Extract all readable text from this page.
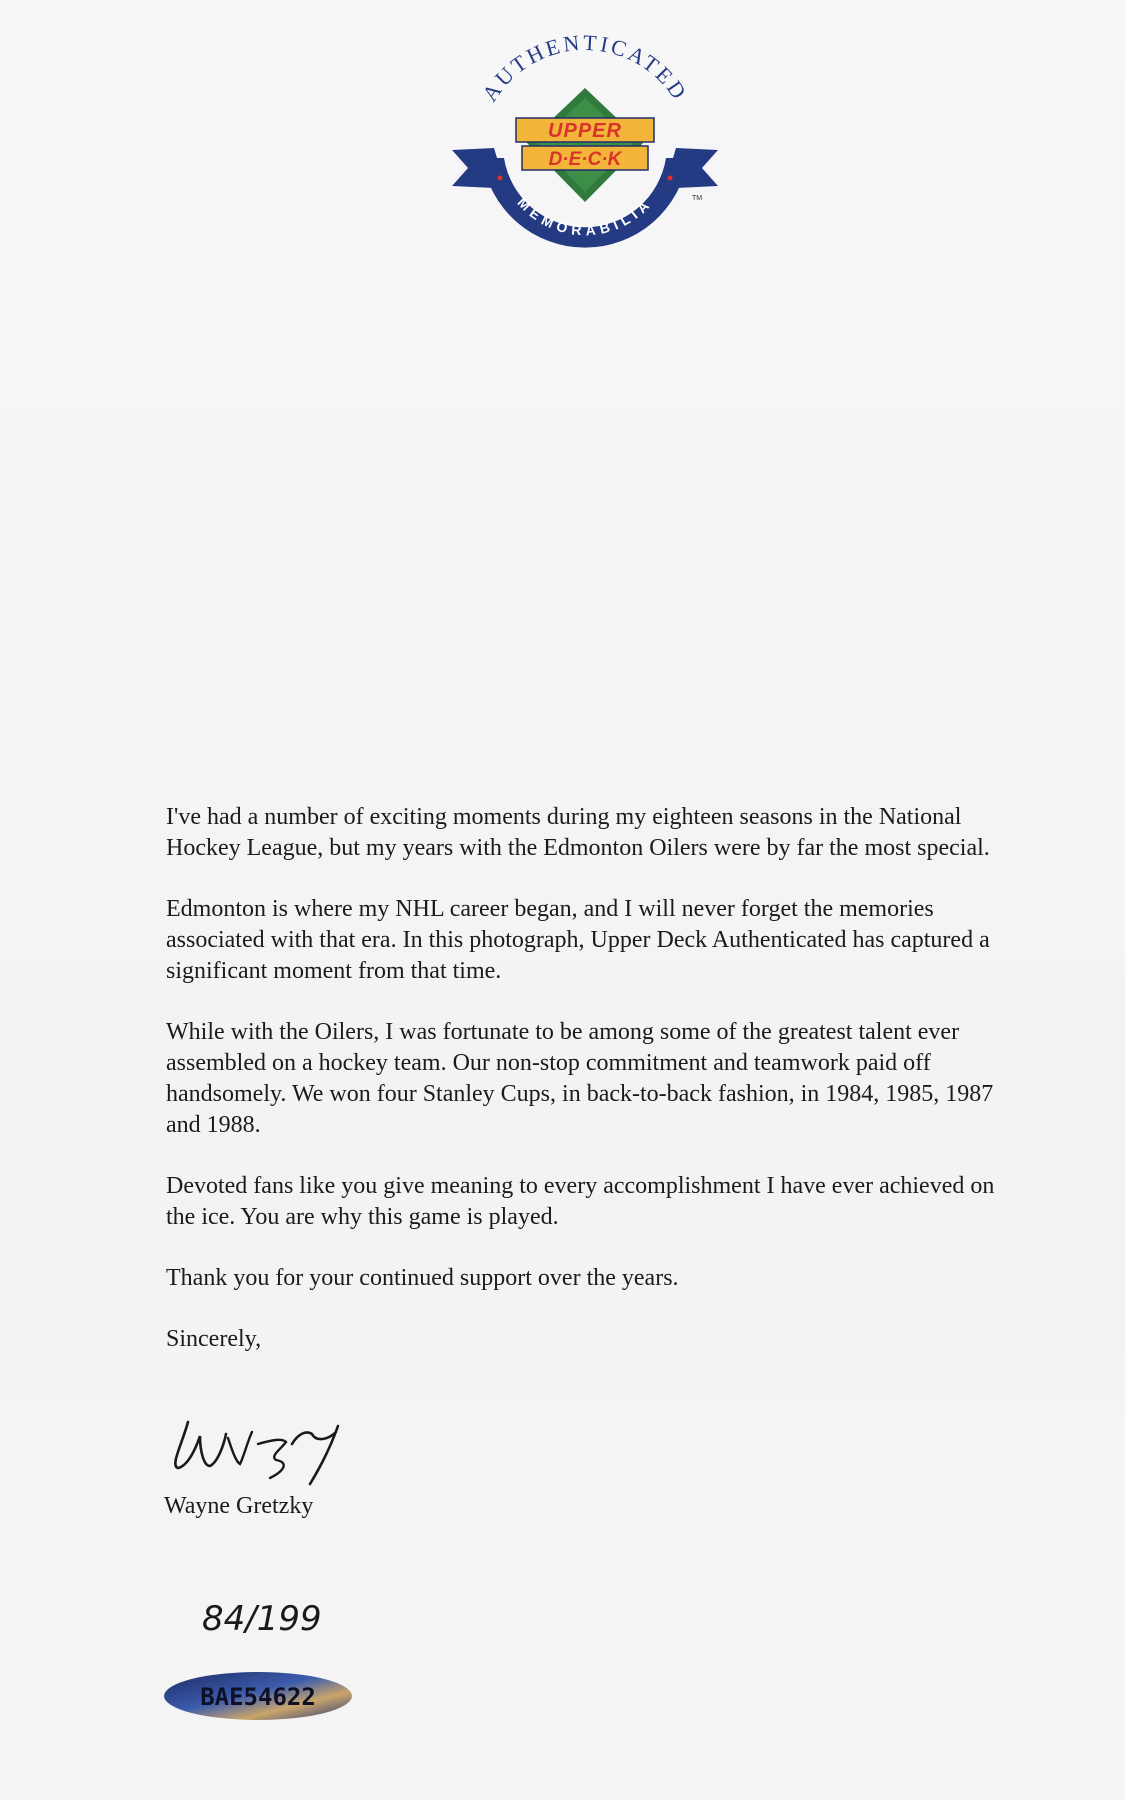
MEMORABILIA
AUTHENTICATED
UPPER
D·E·C·K
TM

I've had a number of exciting moments during my eighteen seasons in the National Hockey League, but my years with the Edmonton Oilers were by far the most special.

Edmonton is where my NHL career began, and I will never forget the memories associated with that era. In this photograph, Upper Deck Authenticated has captured a significant moment from that time.

While with the Oilers, I was fortunate to be among some of the greatest talent ever assembled on a hockey team. Our non-stop commitment and teamwork paid off handsomely. We won four Stanley Cups, in back-to-back fashion, in 1984, 1985, 1987 and 1988.

Devoted fans like you give meaning to every accomplishment I have ever achieved on the ice. You are why this game is played.

Thank you for your continued support over the years.

Sincerely,

Wayne Gretzky
84/199
BAE54622
